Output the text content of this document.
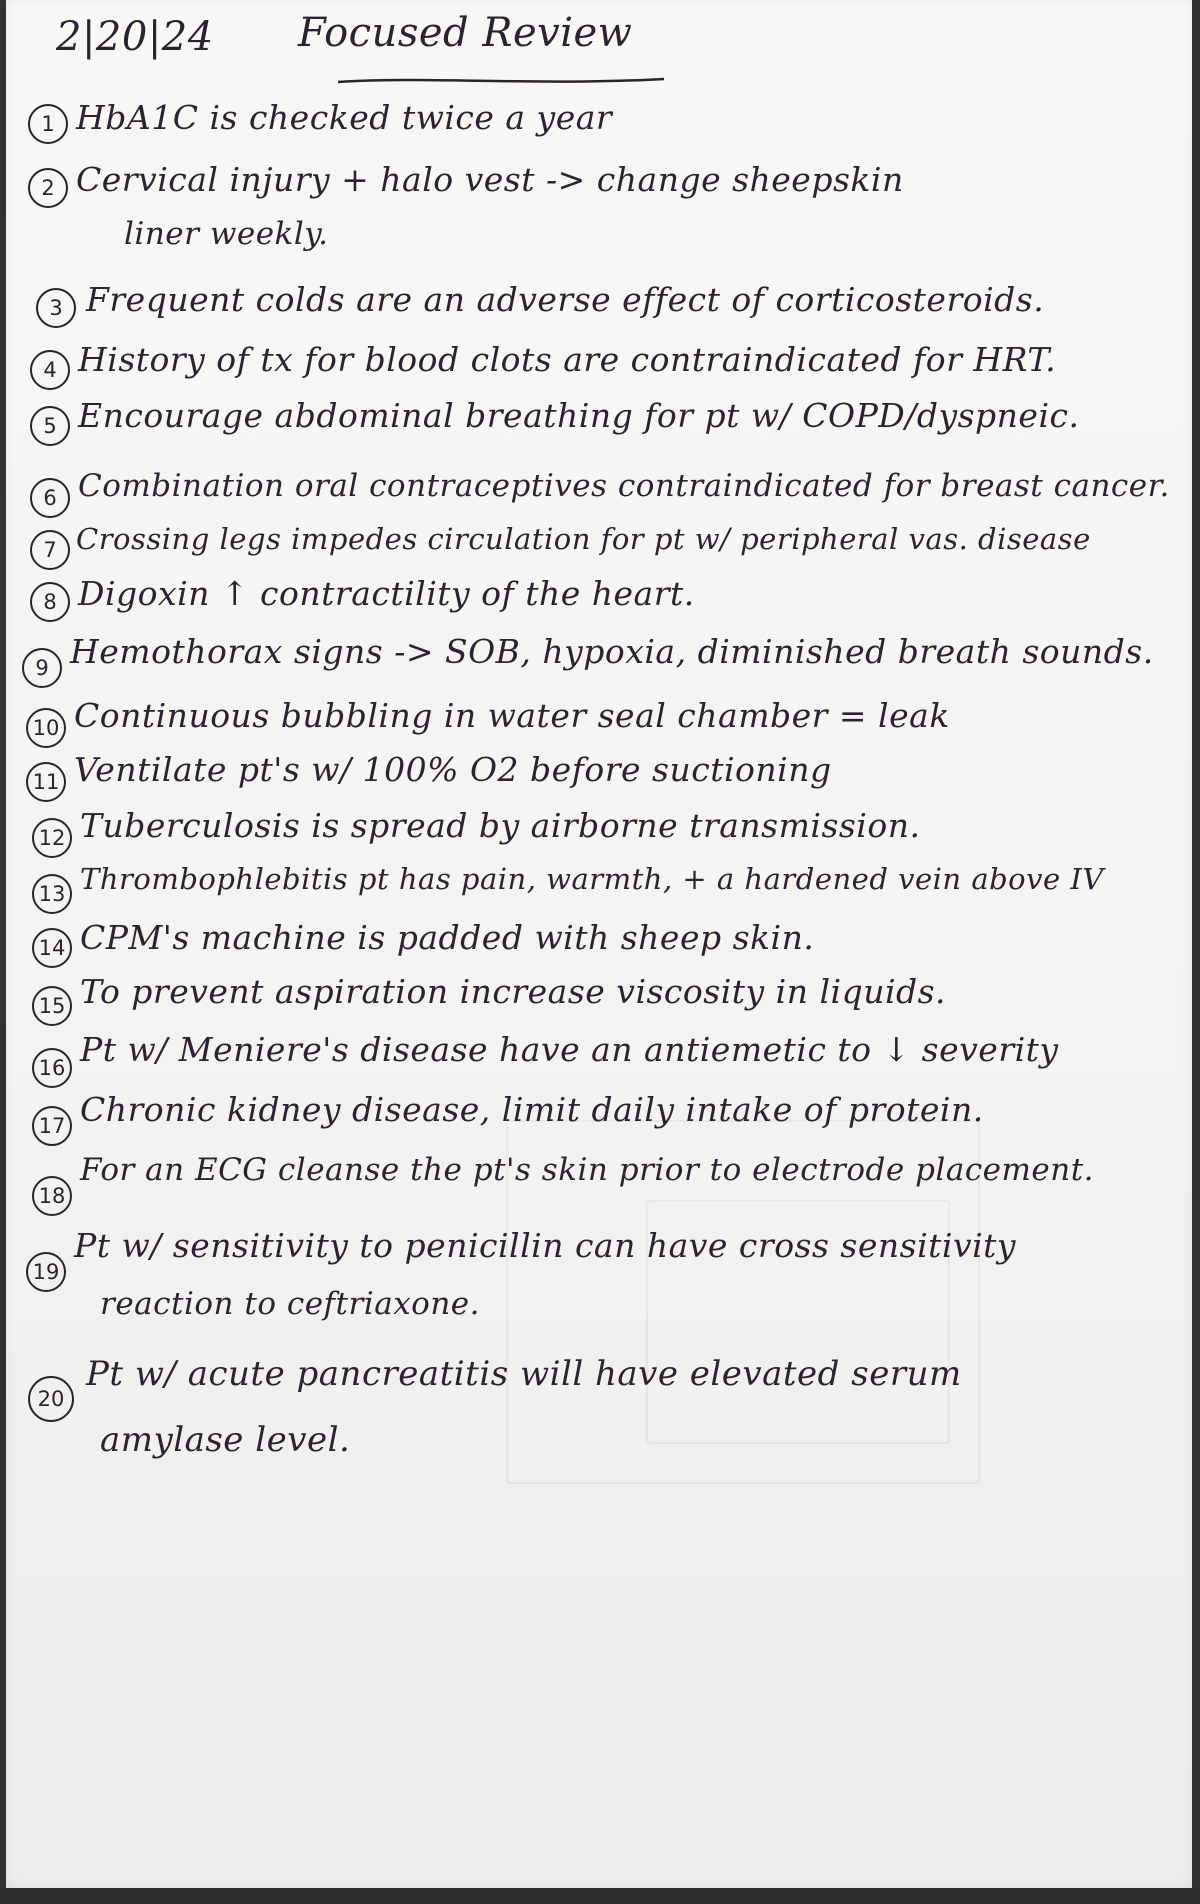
2|20|24 Focused Review
1 HbA1C is checked twice a year
2 Cervical injury + halo vest -> change sheepskin
liner weekly.
3 Frequent colds are an adverse effect of corticosteroids.
4 History of tx for blood clots are contraindicated for HRT.
5 Encourage abdominal breathing for pt w/ COPD/dyspneic.
6 Combination oral contraceptives contraindicated for breast cancer.
7 Crossing legs impedes circulation for pt w/ peripheral vas. disease
8 Digoxin ↑ contractility of the heart.
9 Hemothorax signs -> SOB, hypoxia, diminished breath sounds.
10 Continuous bubbling in water seal chamber = leak
11 Ventilate pt's w/ 100% O2 before suctioning
12 Tuberculosis is spread by airborne transmission.
13 Thrombophlebitis pt has pain, warmth, + a hardened vein above IV
14 CPM's machine is padded with sheep skin.
15 To prevent aspiration increase viscosity in liquids.
16 Pt w/ Meniere's disease have an antiemetic to ↓ severity
17 Chronic kidney disease, limit daily intake of protein.
18
For an ECG cleanse the pt's skin prior to electrode placement.
19
Pt w/ sensitivity to penicillin can have cross sensitivity
reaction to ceftriaxone.
20
Pt w/ acute pancreatitis will have elevated serum
amylase level.
